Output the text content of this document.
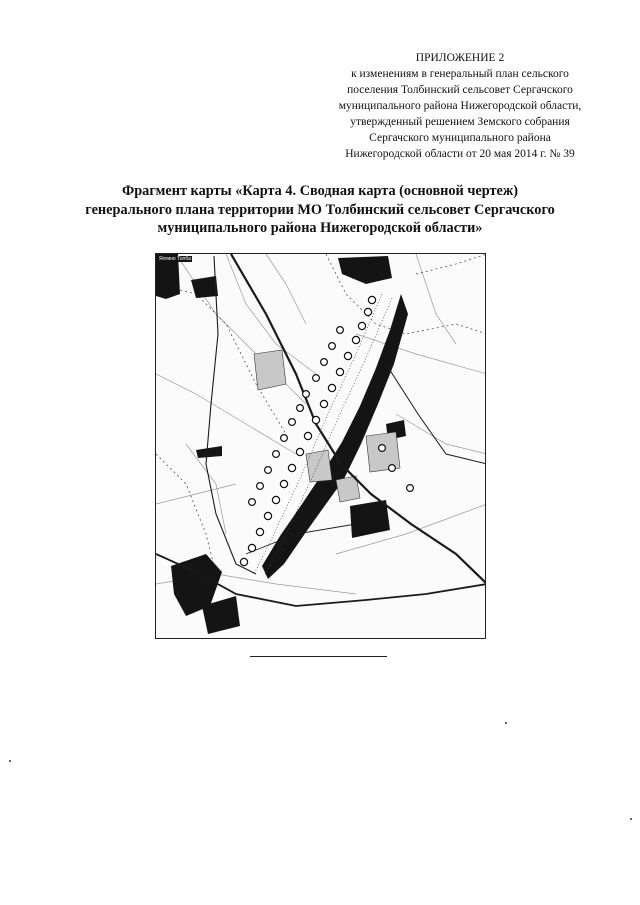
ПРИЛОЖЕНИЕ 2
к изменениям в генеральный план сельского
поселения Толбинский сельсовет Сергачского
муниципального района Нижегородской области,
утвержденный решением Земского собрания
Сергачского муниципального района
Нижегородской области от 20 мая 2014 г. № 39
Фрагмент карты «Карта 4. Сводная карта (основной чертеж)
генерального плана территории МО Толбинский сельсовет Сергачского
муниципального района Нижегородской области»
Ялгино Толба
